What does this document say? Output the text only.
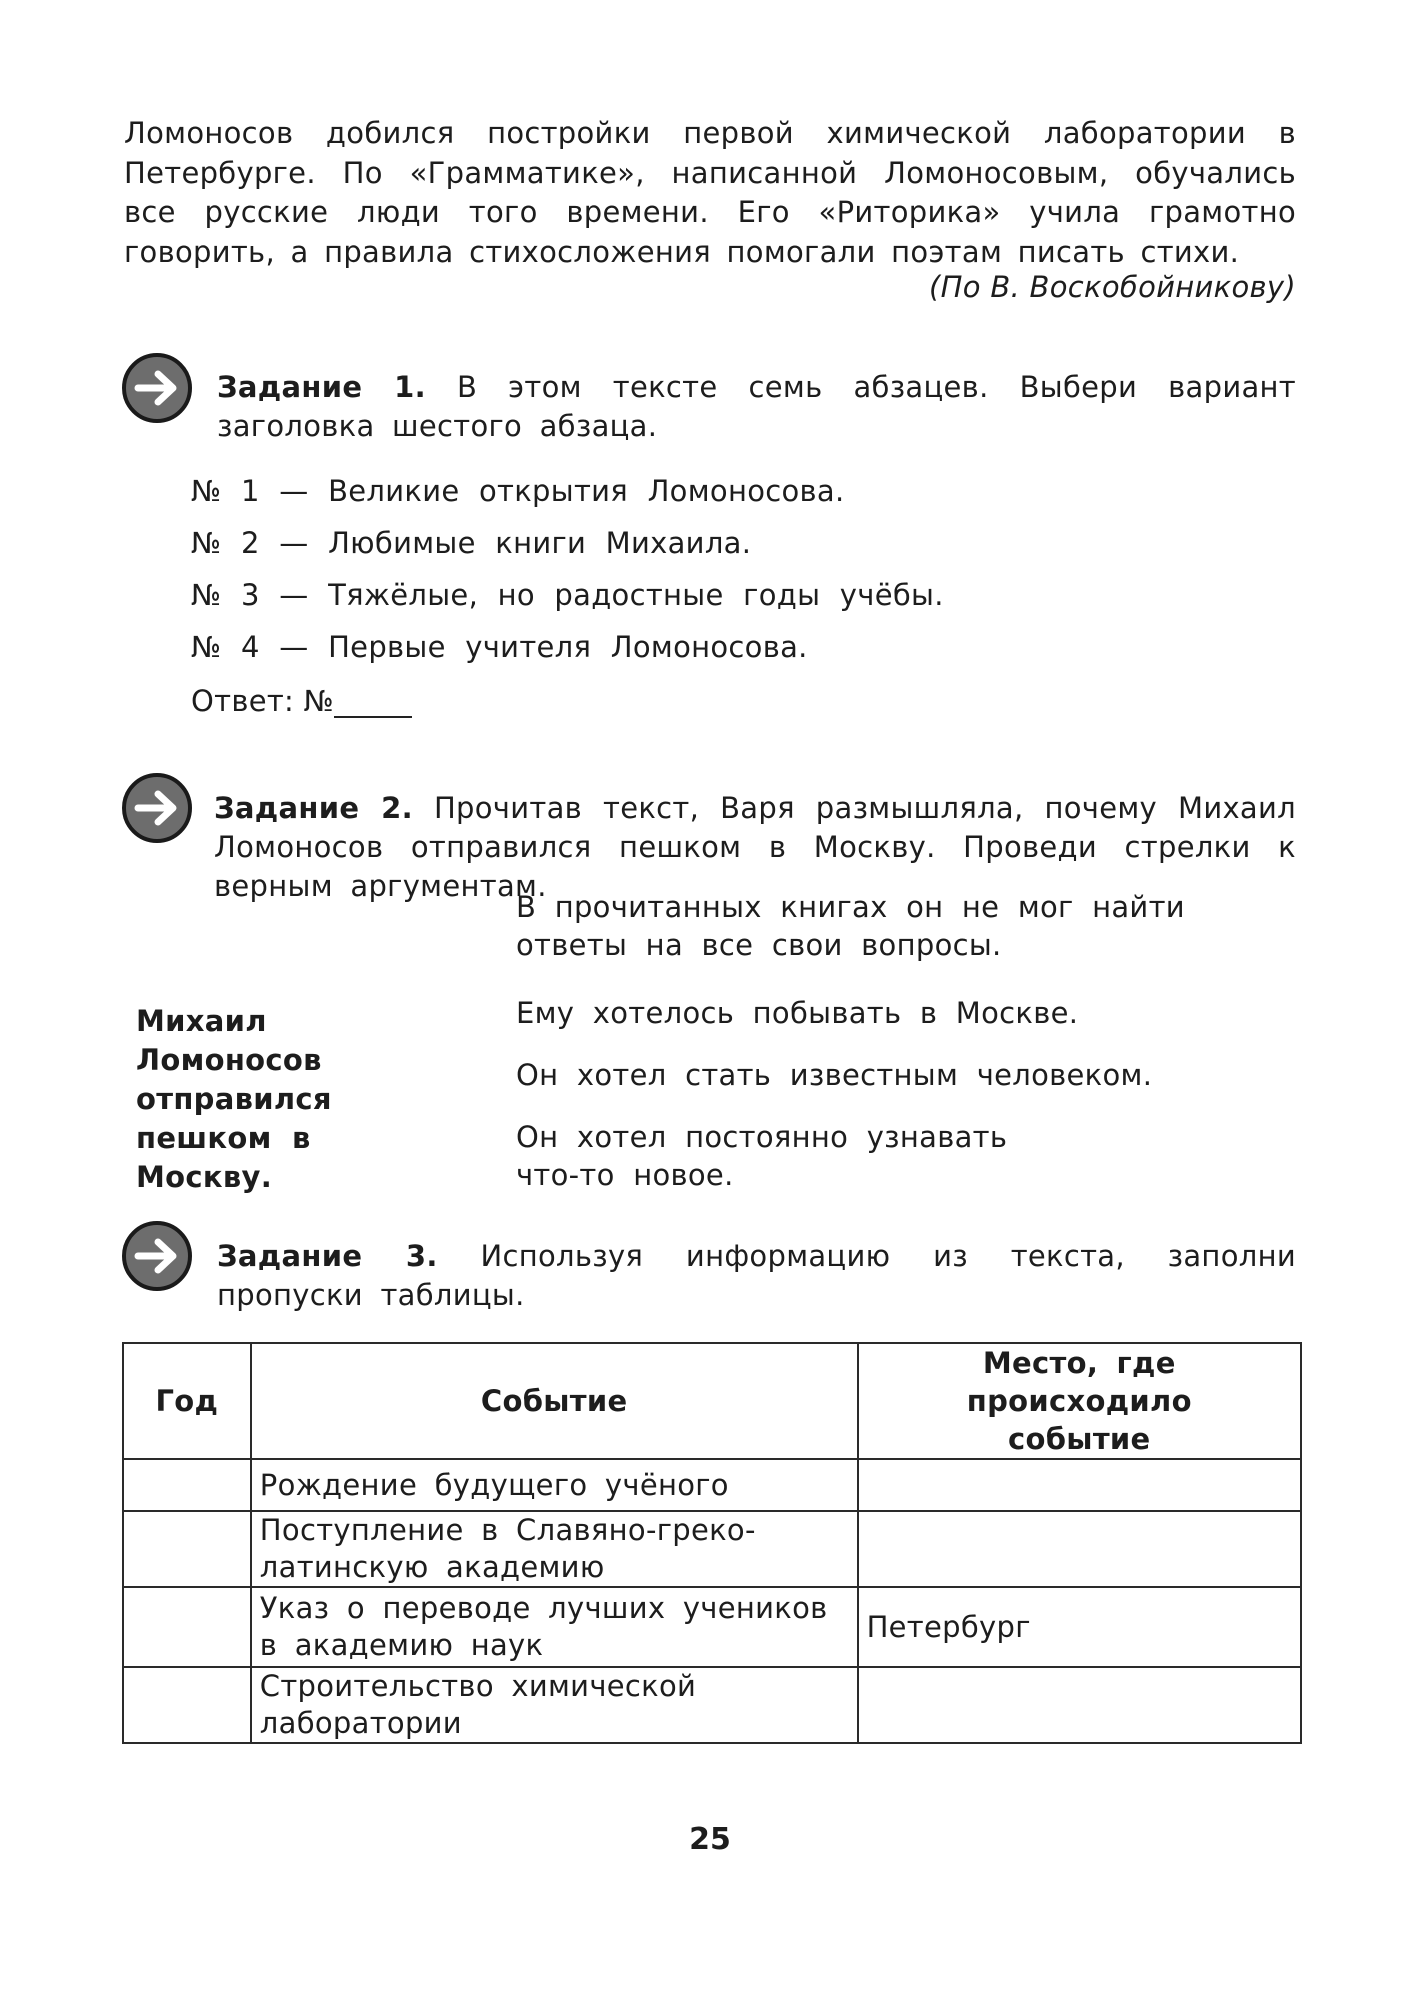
Ломоносов добился постройки первой химической лаборатории в Петербурге. По «Грамматике», написанной Ломоносовым, обучались все русские люди того времени. Его «Риторика» учила грамотно говорить, а правила стихосложения помогали поэтам писать стихи.
(По В. Воскобойникову)
Задание 1. В этом тексте семь абзацев. Выбери вариант заголовка шестого абзаца.
№ 1 — Великие открытия Ломоносова.
№ 2 — Любимые книги Михаила.
№ 3 — Тяжёлые, но радостные годы учёбы.
№ 4 — Первые учителя Ломоносова.
Ответ: №
Задание 2. Прочитав текст, Варя размышляла, почему Михаил Ломоносов отправился пешком в Москву. Проведи стрелки к верным аргументам.
Михаил Ломоносов отправился пешком в Москву.
В прочитанных книгах он не мог найти ответы на все свои вопросы.
Ему хотелось побывать в Москве.
Он хотел стать известным человеком.
Он хотел постоянно узнавать что-то новое.
Задание 3. Используя информацию из текста, заполни пропуски таблицы.
Год	Событие	Место, где происходило событие
	Рождение будущего учёного	
	Поступление в Славяно-греко-латинскую академию	
	Указ о переводе лучших учеников в академию наук	Петербург
	Строительство химической лаборатории	
25
